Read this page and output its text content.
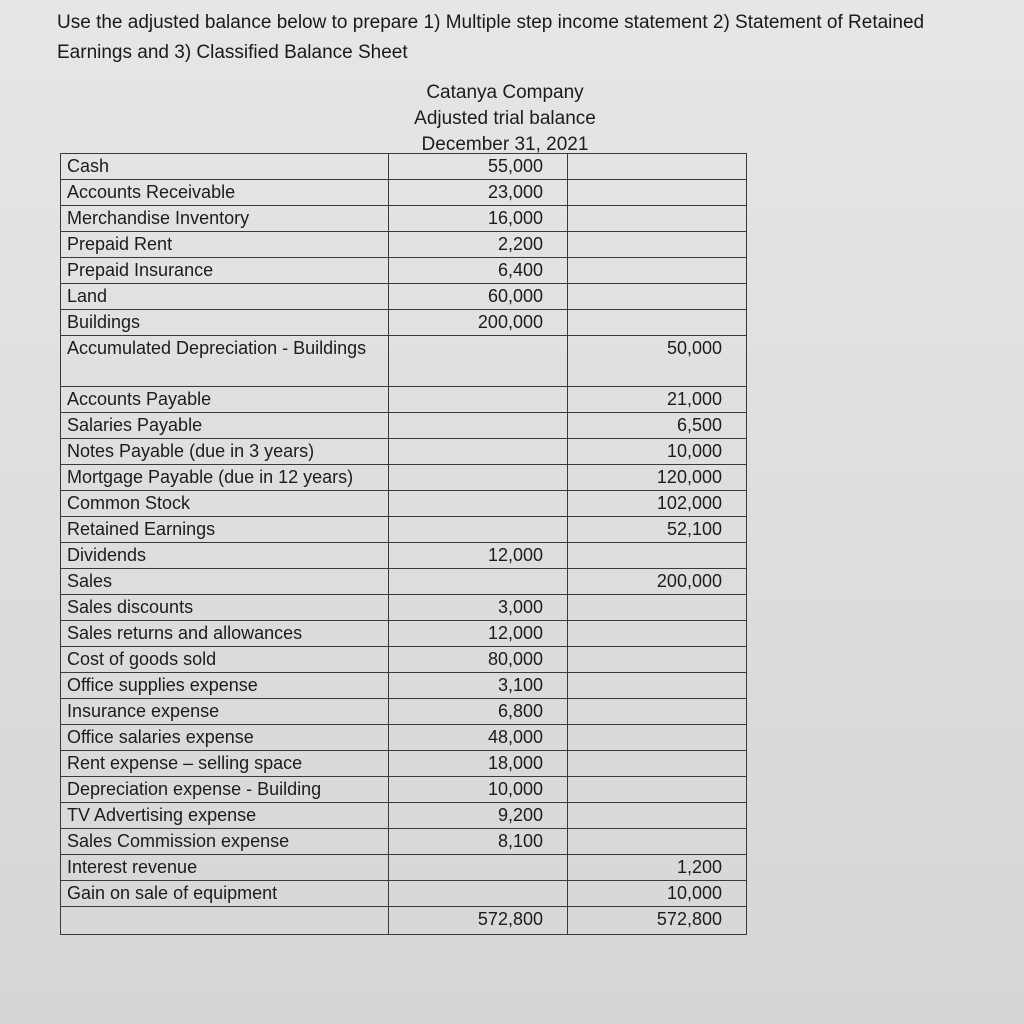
Use the adjusted balance below to prepare 1) Multiple step income statement 2) Statement of Retained Earnings and 3) Classified Balance Sheet
Catanya Company
Adjusted trial balance
December 31, 2021
Cash	55,000	
Accounts Receivable	23,000	
Merchandise Inventory	16,000	
Prepaid Rent	2,200	
Prepaid Insurance	6,400	
Land	60,000	
Buildings	200,000	
Accumulated Depreciation - Buildings		50,000
Accounts Payable		21,000
Salaries Payable		6,500
Notes Payable (due in 3 years)		10,000
Mortgage Payable (due in 12 years)		120,000
Common Stock		102,000
Retained Earnings		52,100
Dividends	12,000	
Sales		200,000
Sales discounts	3,000	
Sales returns and allowances	12,000	
Cost of goods sold	80,000	
Office supplies expense	3,100	
Insurance expense	6,800	
Office salaries expense	48,000	
Rent expense – selling space	18,000	
Depreciation expense - Building	10,000	
TV Advertising expense	9,200	
Sales Commission expense	8,100	
Interest revenue		1,200
Gain on sale of equipment		10,000
	572,800	572,800
